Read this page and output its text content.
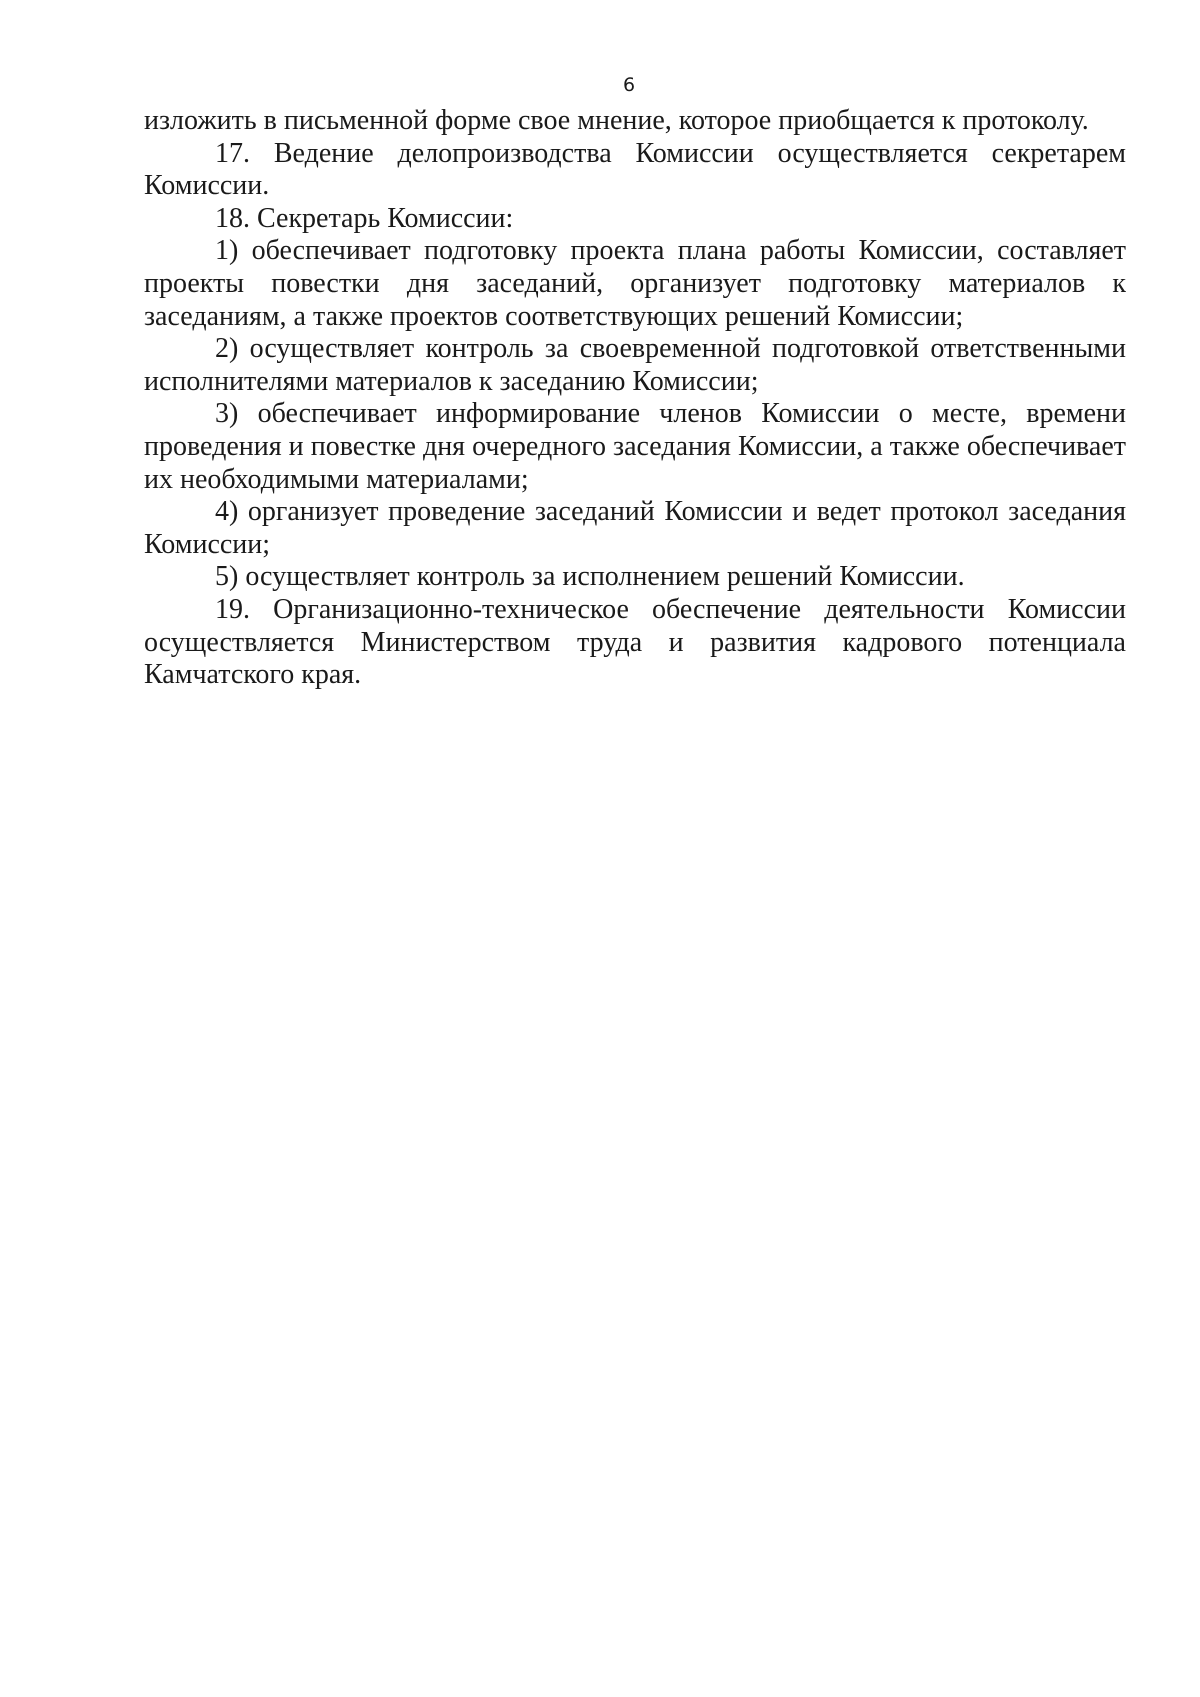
6

изложить в письменной форме свое мнение, которое приобщается к протоколу.

17. Ведение делопроизводства Комиссии осуществляется секретарем Комиссии.

18. Секретарь Комиссии:

1) обеспечивает подготовку проекта плана работы Комиссии, составляет проекты повестки дня заседаний, организует подготовку материалов к заседаниям, а также проектов соответствующих решений Комиссии;

2) осуществляет контроль за своевременной подготовкой ответственными исполнителями материалов к заседанию Комиссии;

3) обеспечивает информирование членов Комиссии о месте, времени проведения и повестке дня очередного заседания Комиссии, а также обеспечивает их необходимыми материалами;

4) организует проведение заседаний Комиссии и ведет протокол заседания Комиссии;

5) осуществляет контроль за исполнением решений Комиссии.

19. Организационно-техническое обеспечение деятельности Комиссии осуществляется Министерством труда и развития кадрового потенциала Камчатского края.
